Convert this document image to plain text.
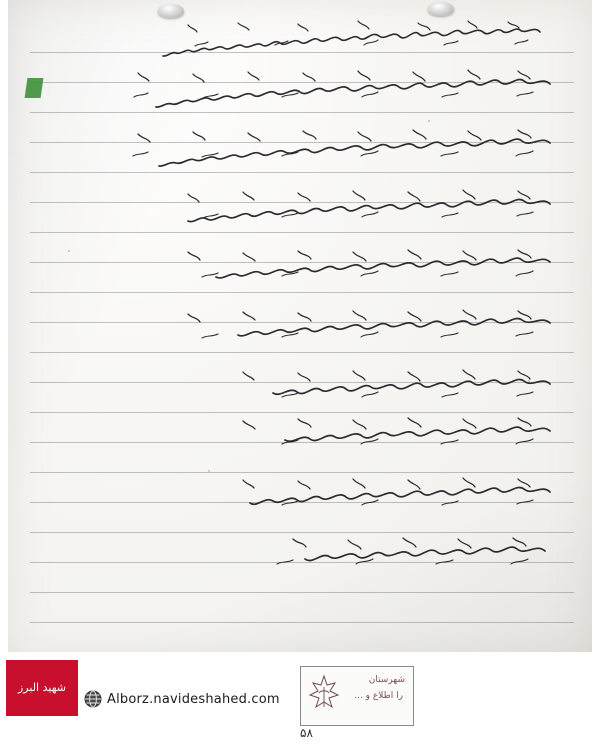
شهید البرز
Alborz.navideshahed.com
شهرستان
را اطلاع و ...
۵۸
